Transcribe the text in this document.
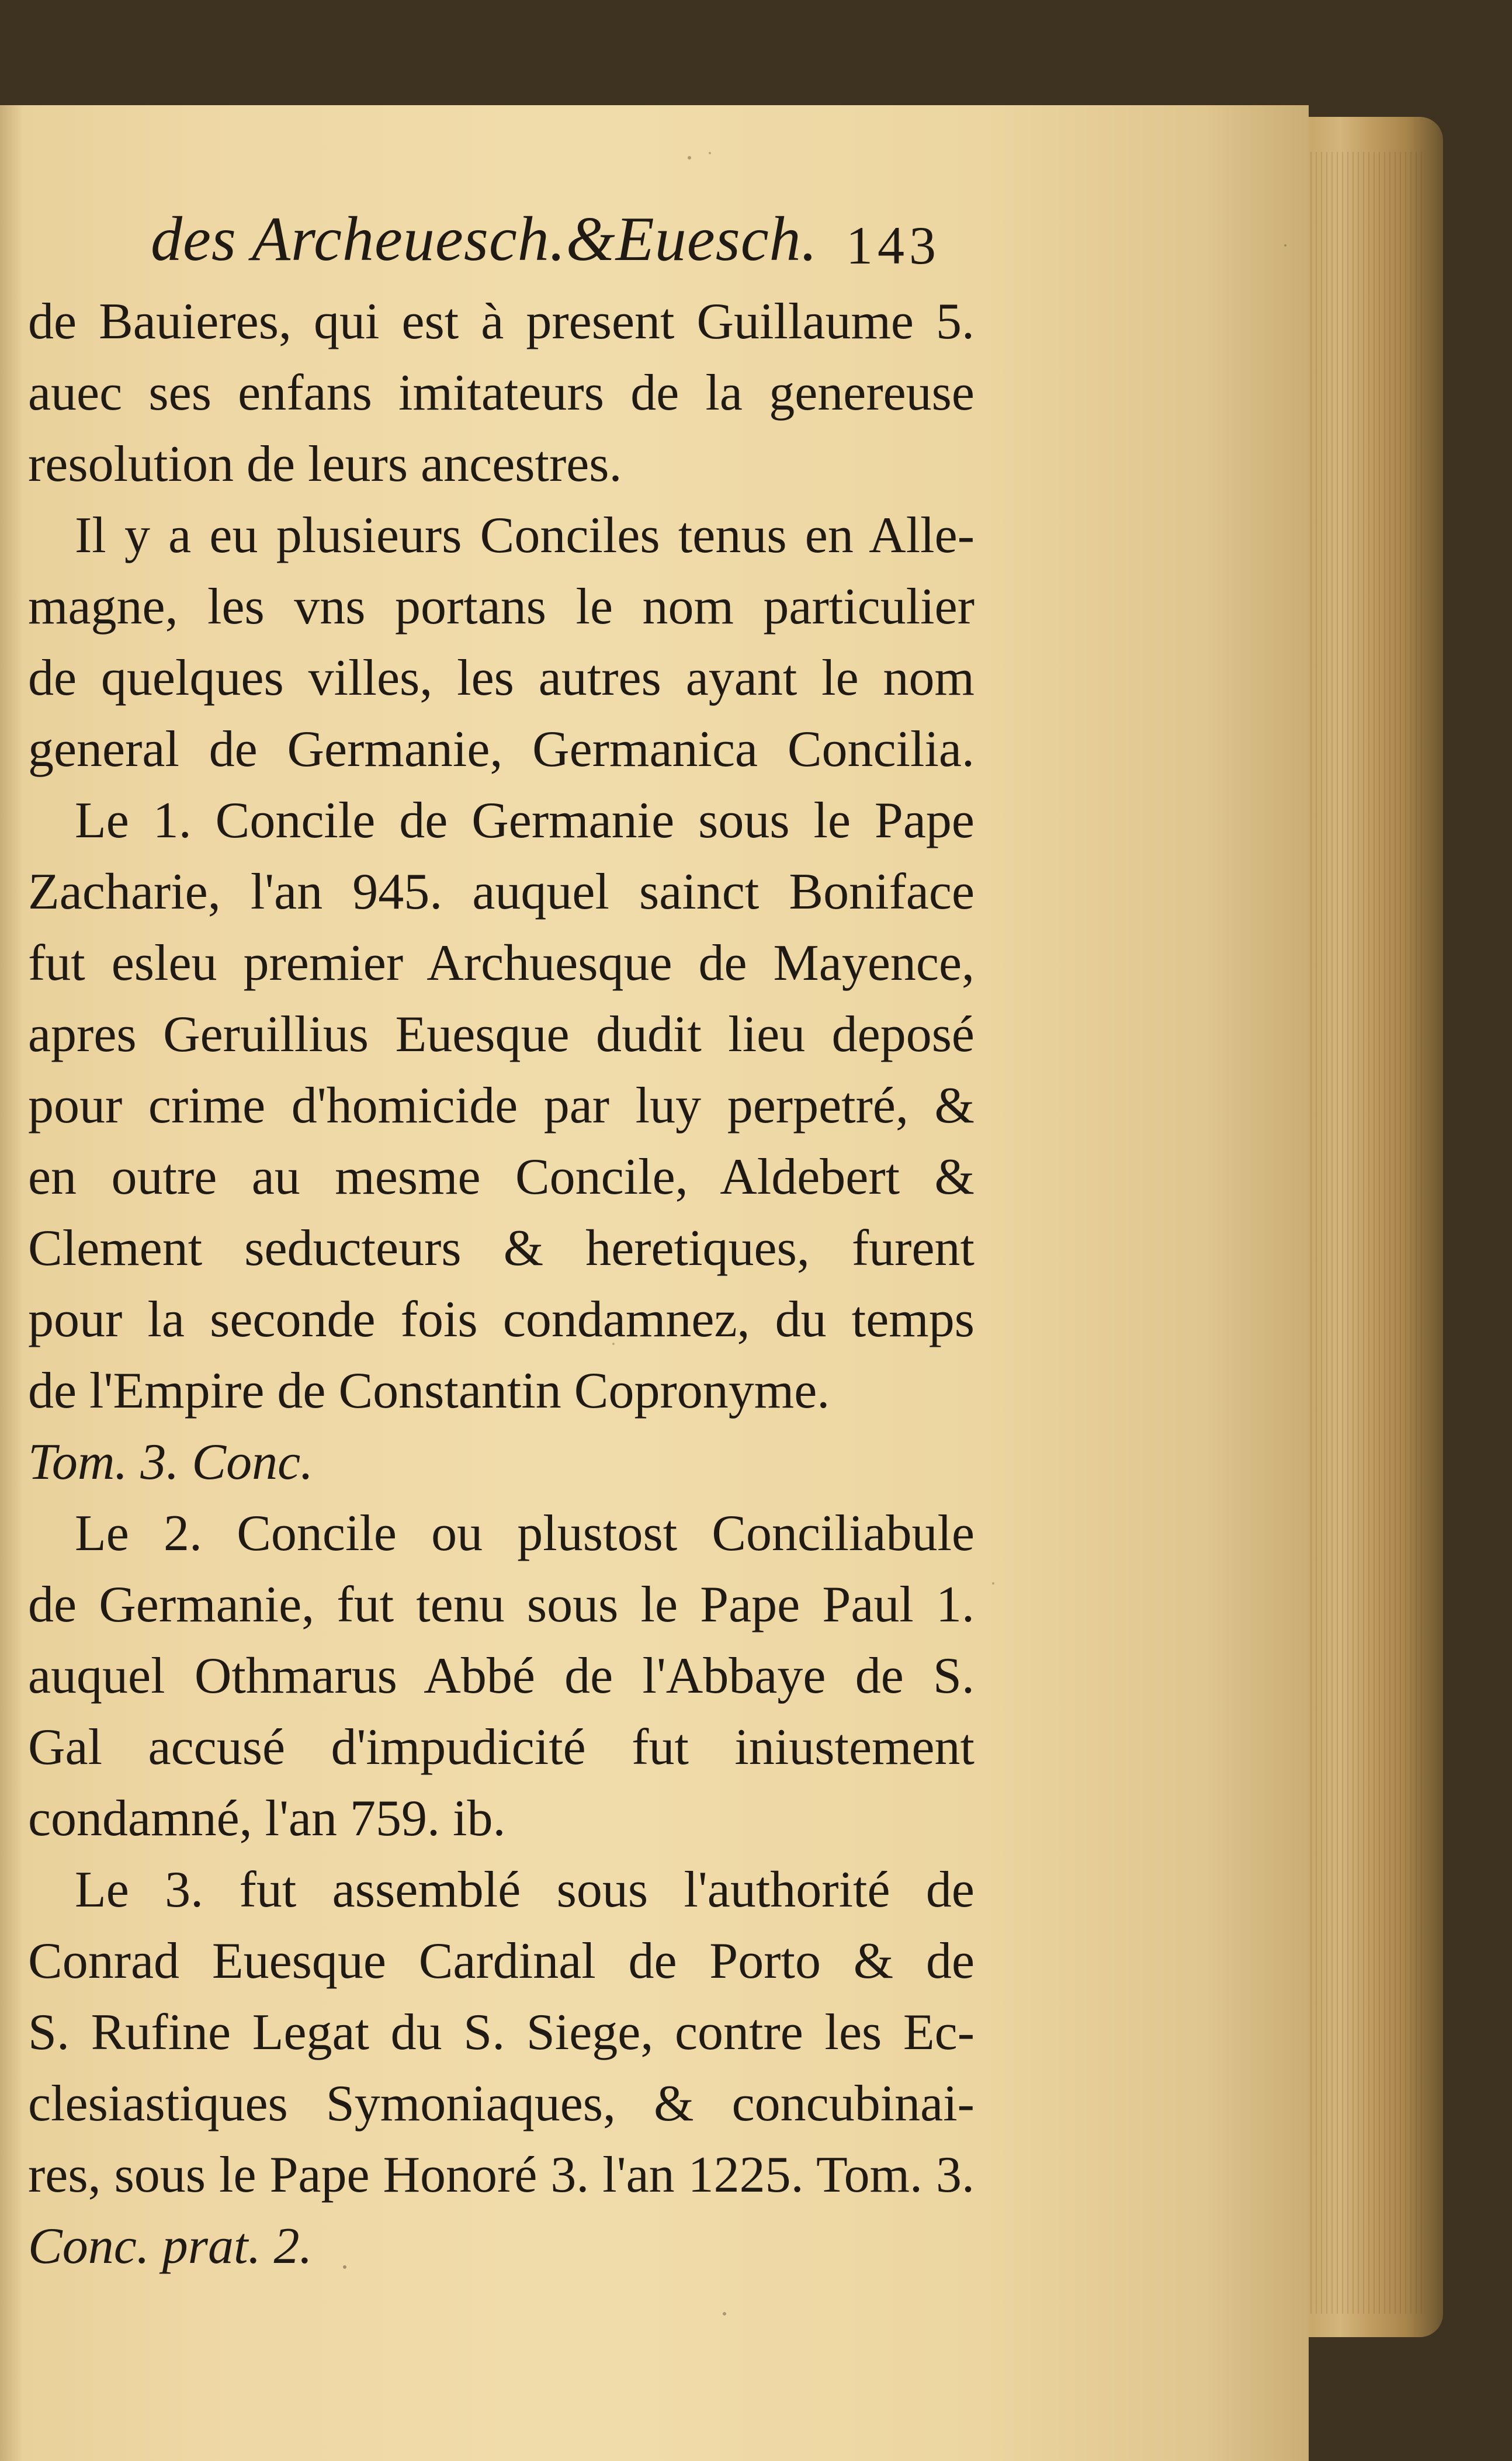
des Archeuesch.&Euesch. 143
de Bauieres, qui est à present Guillaume 5.
auec ses enfans imitateurs de la genereuse
resolution de leurs ancestres.
Il y a eu plusieurs Conciles tenus en Alle-
magne, les vns portans le nom particulier
de quelques villes, les autres ayant le nom
general de Germanie, Germanica Concilia.
Le 1. Concile de Germanie sous le Pape
Zacharie, l'an 945. auquel sainct Boniface
fut esleu premier Archuesque de Mayence,
apres Geruillius Euesque dudit lieu deposé
pour crime d'homicide par luy perpetré, &
en outre au mesme Concile, Aldebert &
Clement seducteurs & heretiques, furent
pour la seconde fois condamnez, du temps
de l'Empire de Constantin Copronyme.
Tom. 3. Conc.
Le 2. Concile ou plustost Conciliabule
de Germanie, fut tenu sous le Pape Paul 1.
auquel Othmarus Abbé de l'Abbaye de S.
Gal accusé d'impudicité fut iniustement
condamné, l'an 759. ib.
Le 3. fut assemblé sous l'authorité de
Conrad Euesque Cardinal de Porto & de
S. Rufine Legat du S. Siege, contre les Ec-
clesiastiques Symoniaques, & concubinai-
res, sous le Pape Honoré 3. l'an 1225. Tom. 3.
Conc. prat. 2.
